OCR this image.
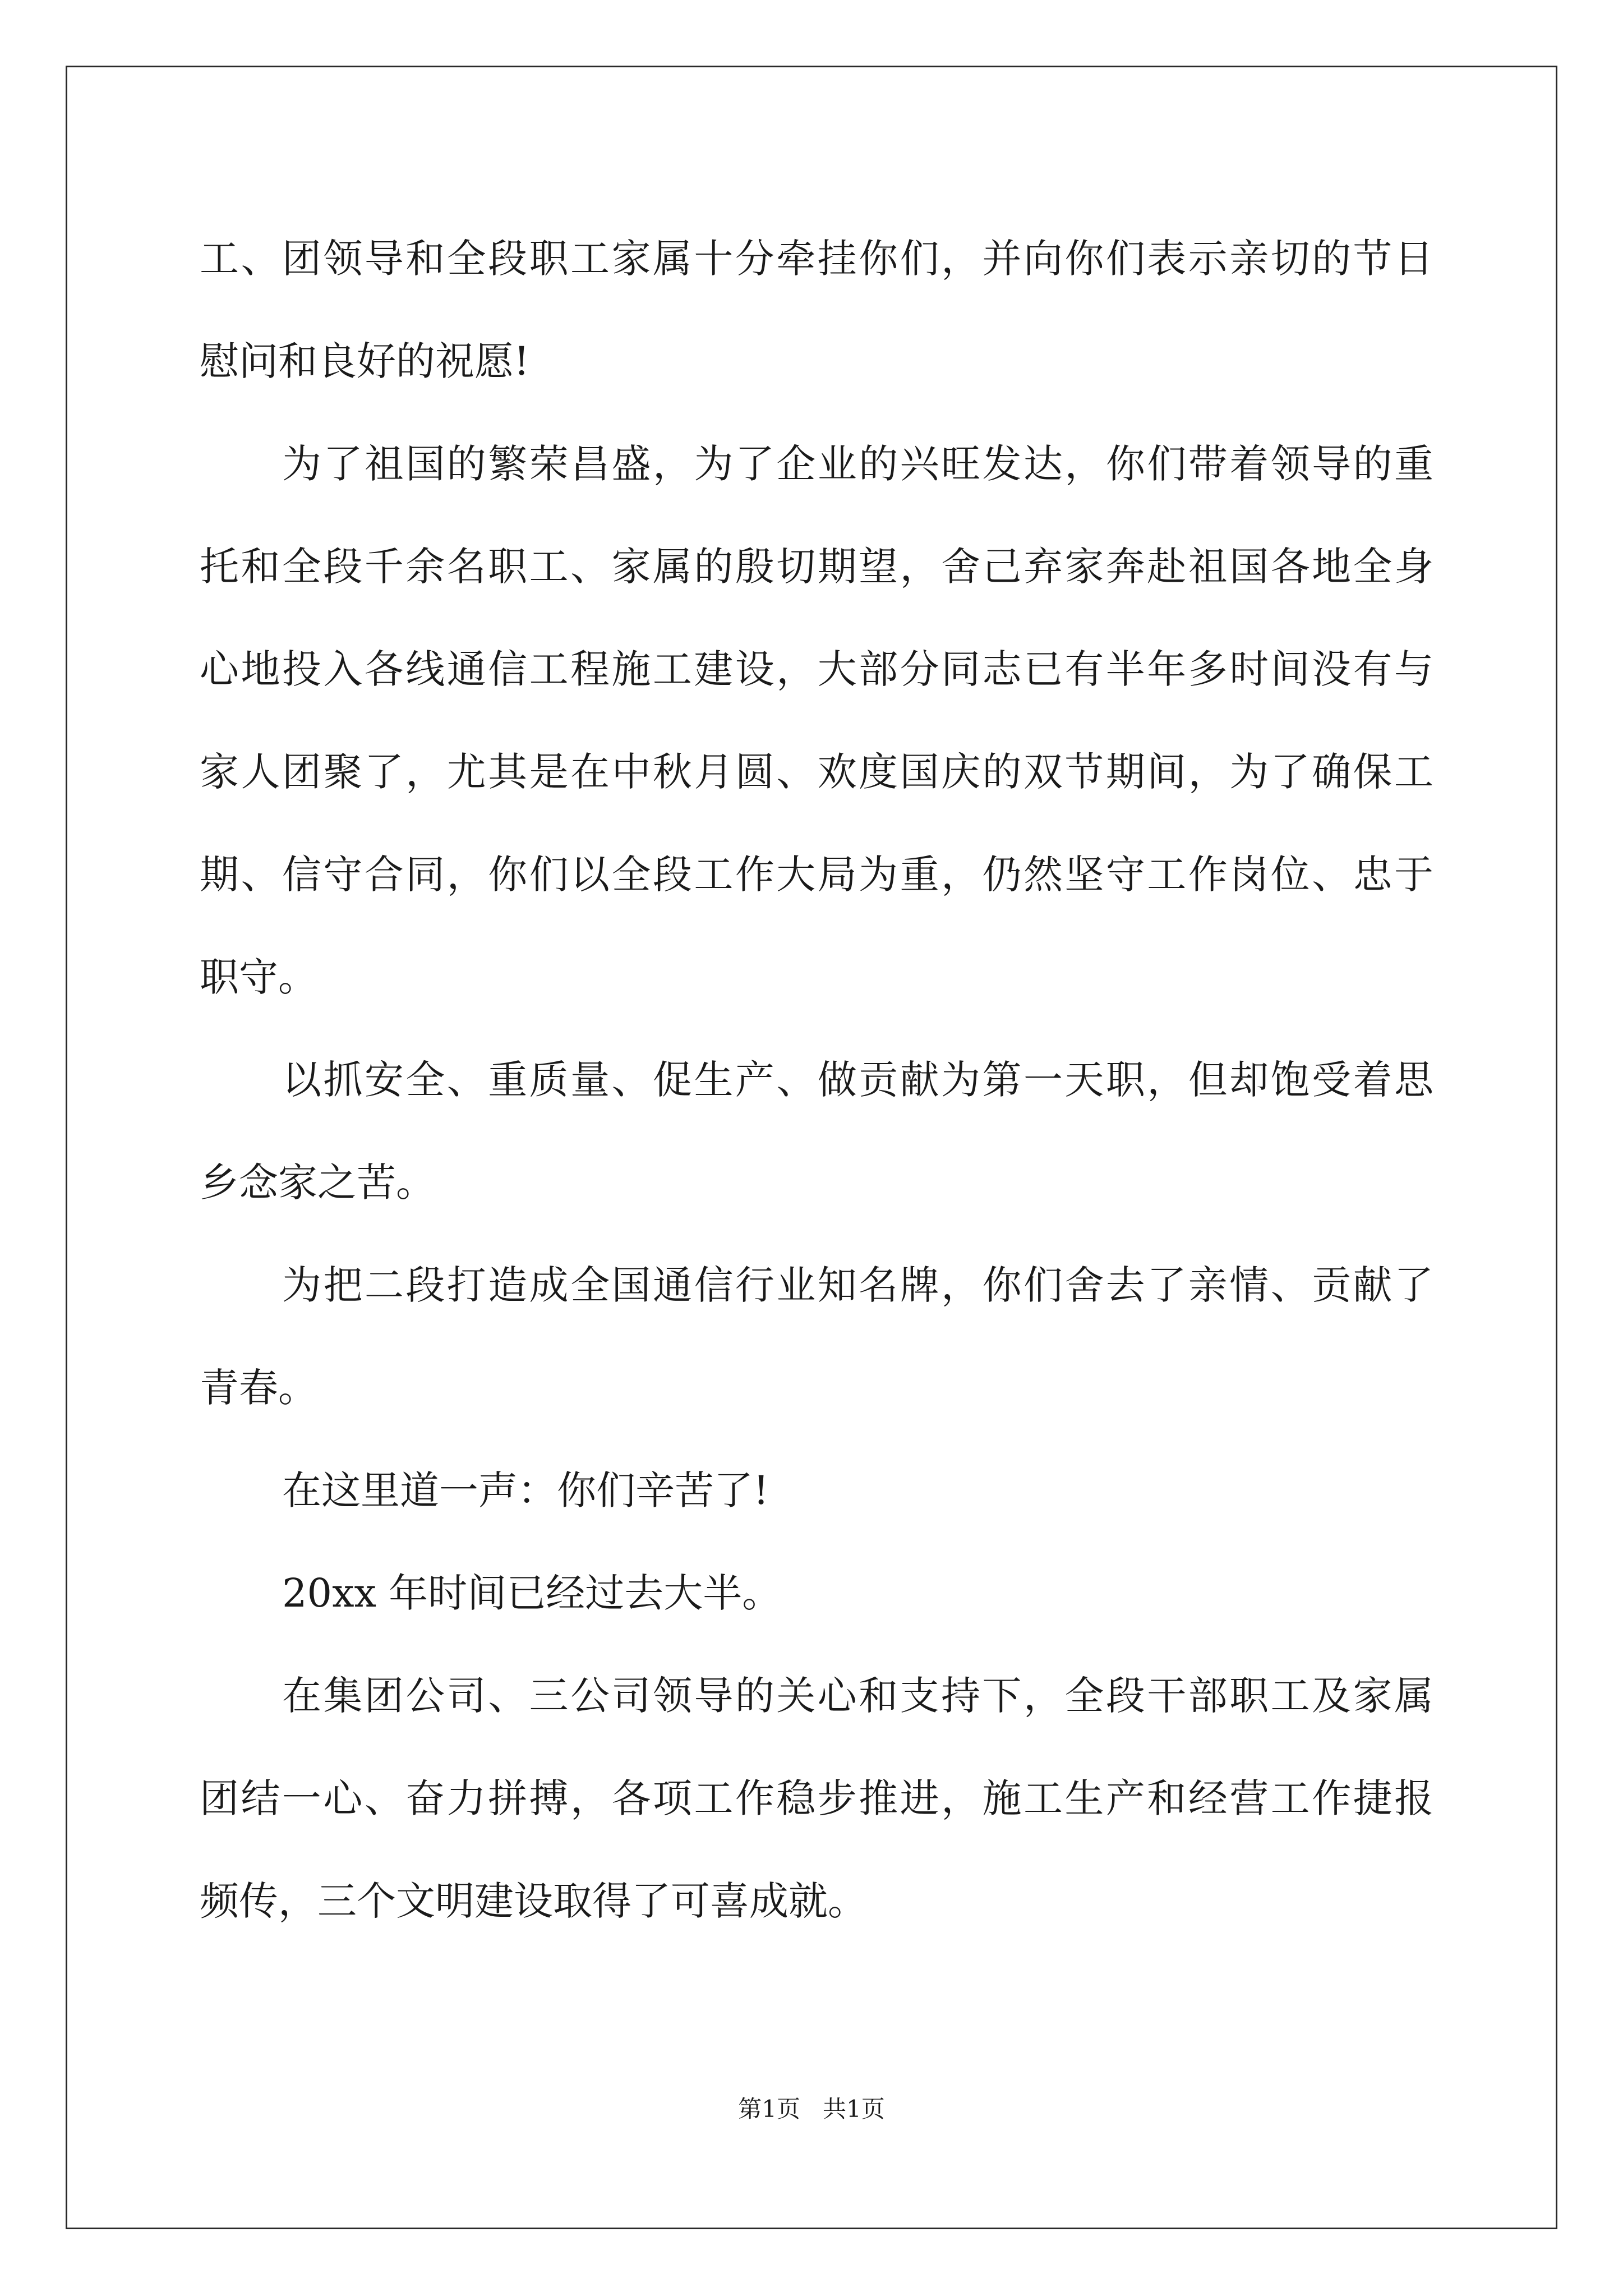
工、团领导和全段职工家属十分牵挂你们，并向你们表示亲切的节日
慰问和良好的祝愿!
为了祖国的繁荣昌盛，为了企业的兴旺发达，你们带着领导的重
托和全段千余名职工、家属的殷切期望，舍己弃家奔赴祖国各地全身
心地投入各线通信工程施工建设，大部分同志已有半年多时间没有与
家人团聚了，尤其是在中秋月圆、欢度国庆的双节期间，为了确保工
期、信守合同，你们以全段工作大局为重，仍然坚守工作岗位、忠于
职守。
以抓安全、重质量、促生产、做贡献为第一天职，但却饱受着思
乡念家之苦。
为把二段打造成全国通信行业知名牌，你们舍去了亲情、贡献了
青春。
在这里道一声：你们辛苦了!
20xx 年时间已经过去大半。
在集团公司、三公司领导的关心和支持下，全段干部职工及家属
团结一心、奋力拼搏，各项工作稳步推进，施工生产和经营工作捷报
频传，三个文明建设取得了可喜成就。
第1页   共1页
